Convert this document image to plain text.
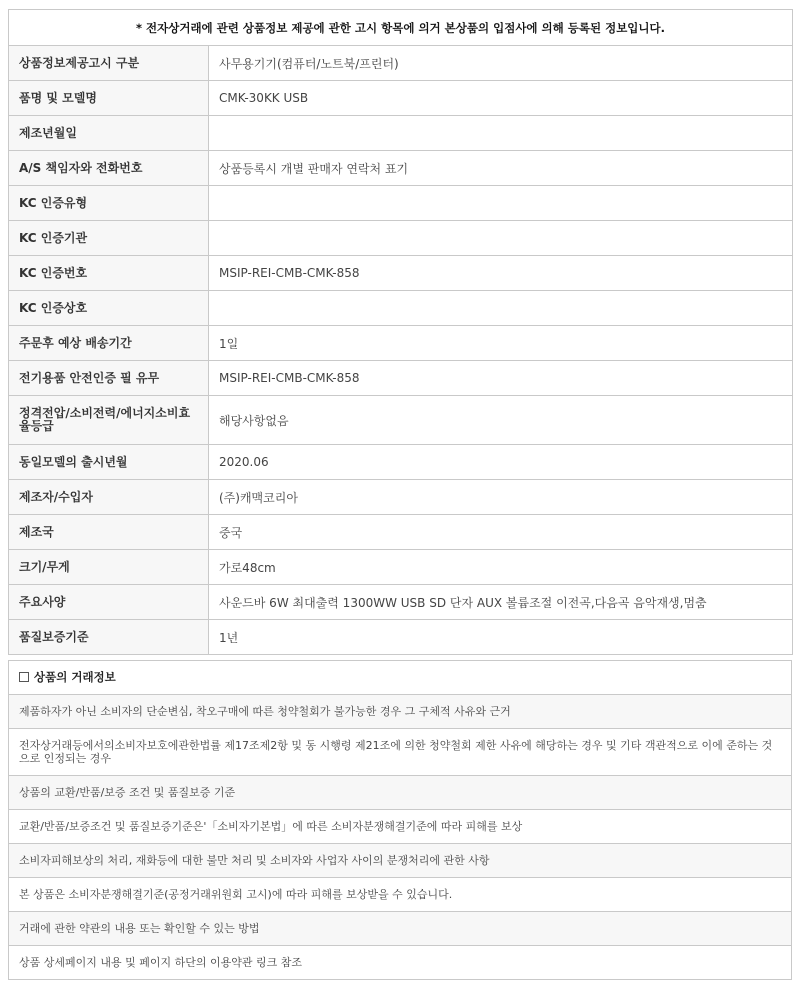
* 전자상거래에 관련 상품정보 제공에 관한 고시 항목에 의거 본상품의 입점사에 의해 등록된 정보입니다.	
상품정보제공고시 구분	사무용기기(컴퓨터/노트북/프린터)
품명 및 모델명	CMK-30KK USB
제조년월일	
A/S 책임자와 전화번호	상품등록시 개별 판매자 연락처 표기
KC 인증유형	
KC 인증기관	
KC 인증번호	MSIP-REI-CMB-CMK-858
KC 인증상호	
주문후 예상 배송기간	1일
전기용품 안전인증 필 유무	MSIP-REI-CMB-CMK-858
정격전압/소비전력/에너지소비효율등급	해당사항없음
동일모델의 출시년월	2020.06
제조자/수입자	(주)캐맥코리아
제조국	중국
크기/무게	가로48cm
주요사양	사운드바 6W 최대출력 1300WW USB SD 단자 AUX 볼륨조절 이전곡,다음곡 음악재생,멈춤
품질보증기준	1년
상품의 거래정보
제품하자가 아닌 소비자의 단순변심, 착오구매에 따른 청약철회가 불가능한 경우 그 구체적 사유와 근거
전자상거래등에서의소비자보호에관한법률 제17조제2항 및 동 시행령 제21조에 의한 청약철회 제한 사유에 해당하는 경우 및 기타 객관적으로 이에 준하는 것으로 인정되는 경우
상품의 교환/반품/보증 조건 및 품질보증 기준
교환/반품/보증조건 및 품질보증기준은'「소비자기본법」에 따른 소비자분쟁해결기준에 따라 피해를 보상
소비자피해보상의 처리, 재화등에 대한 불만 처리 및 소비자와 사업자 사이의 분쟁처리에 관한 사항
본 상품은 소비자분쟁해결기준(공정거래위원회 고시)에 따라 피해를 보상받을 수 있습니다.
거래에 관한 약관의 내용 또는 확인할 수 있는 방법
상품 상세페이지 내용 및 페이지 하단의 이용약관 링크 참조
